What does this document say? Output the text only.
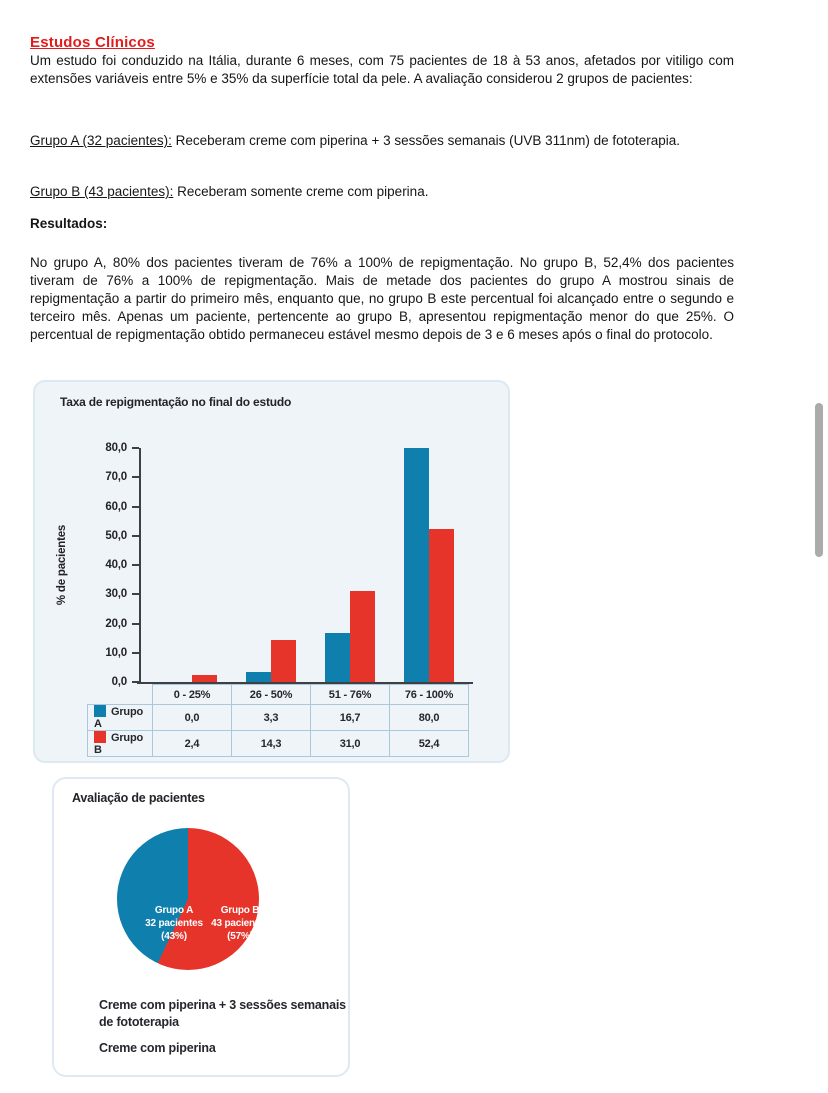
Estudos Clínicos

Um estudo foi conduzido na Itália, durante 6 meses, com 75 pacientes de 18 à 53 anos, afetados por vitiligo com extensões variáveis entre 5% e 35% da superfície total da pele. A avaliação considerou 2 grupos de pacientes:

Grupo A (32 pacientes): Receberam creme com piperina + 3 sessões semanais (UVB 311nm) de fototerapia.

Grupo B (43 pacientes): Receberam somente creme com piperina.

Resultados:

No grupo A, 80% dos pacientes tiveram de 76% a 100% de repigmentação. No grupo B, 52,4% dos pacientes tiveram de 76% a 100% de repigmentação. Mais de metade dos pacientes do grupo A mostrou sinais de repigmentação a partir do primeiro mês, enquanto que, no grupo B este percentual foi alcançado entre o segundo e terceiro mês. Apenas um paciente, pertencente ao grupo B, apresentou repigmentação menor do que 25%. O percentual de repigmentação obtido permaneceu estável mesmo depois de 3 e 6 meses após o final do protocolo.

Taxa de repigmentação no final do estudo
% de pacientes
80,0
70,0
60,0
50,0
40,0
30,0
20,0
10,0
0,0
	0 - 25%	26 - 50%	51 - 76%	76 - 100%
Grupo A	0,0	3,3	16,7	80,0
Grupo B	2,4	14,3	31,0	52,4
Avaliação de pacientes
Grupo A
32 pacientes
(43%)
Grupo B
43 pacientes
(57%)
Creme com piperina + 3 sessões semanais de fototerapia
Creme com piperina
